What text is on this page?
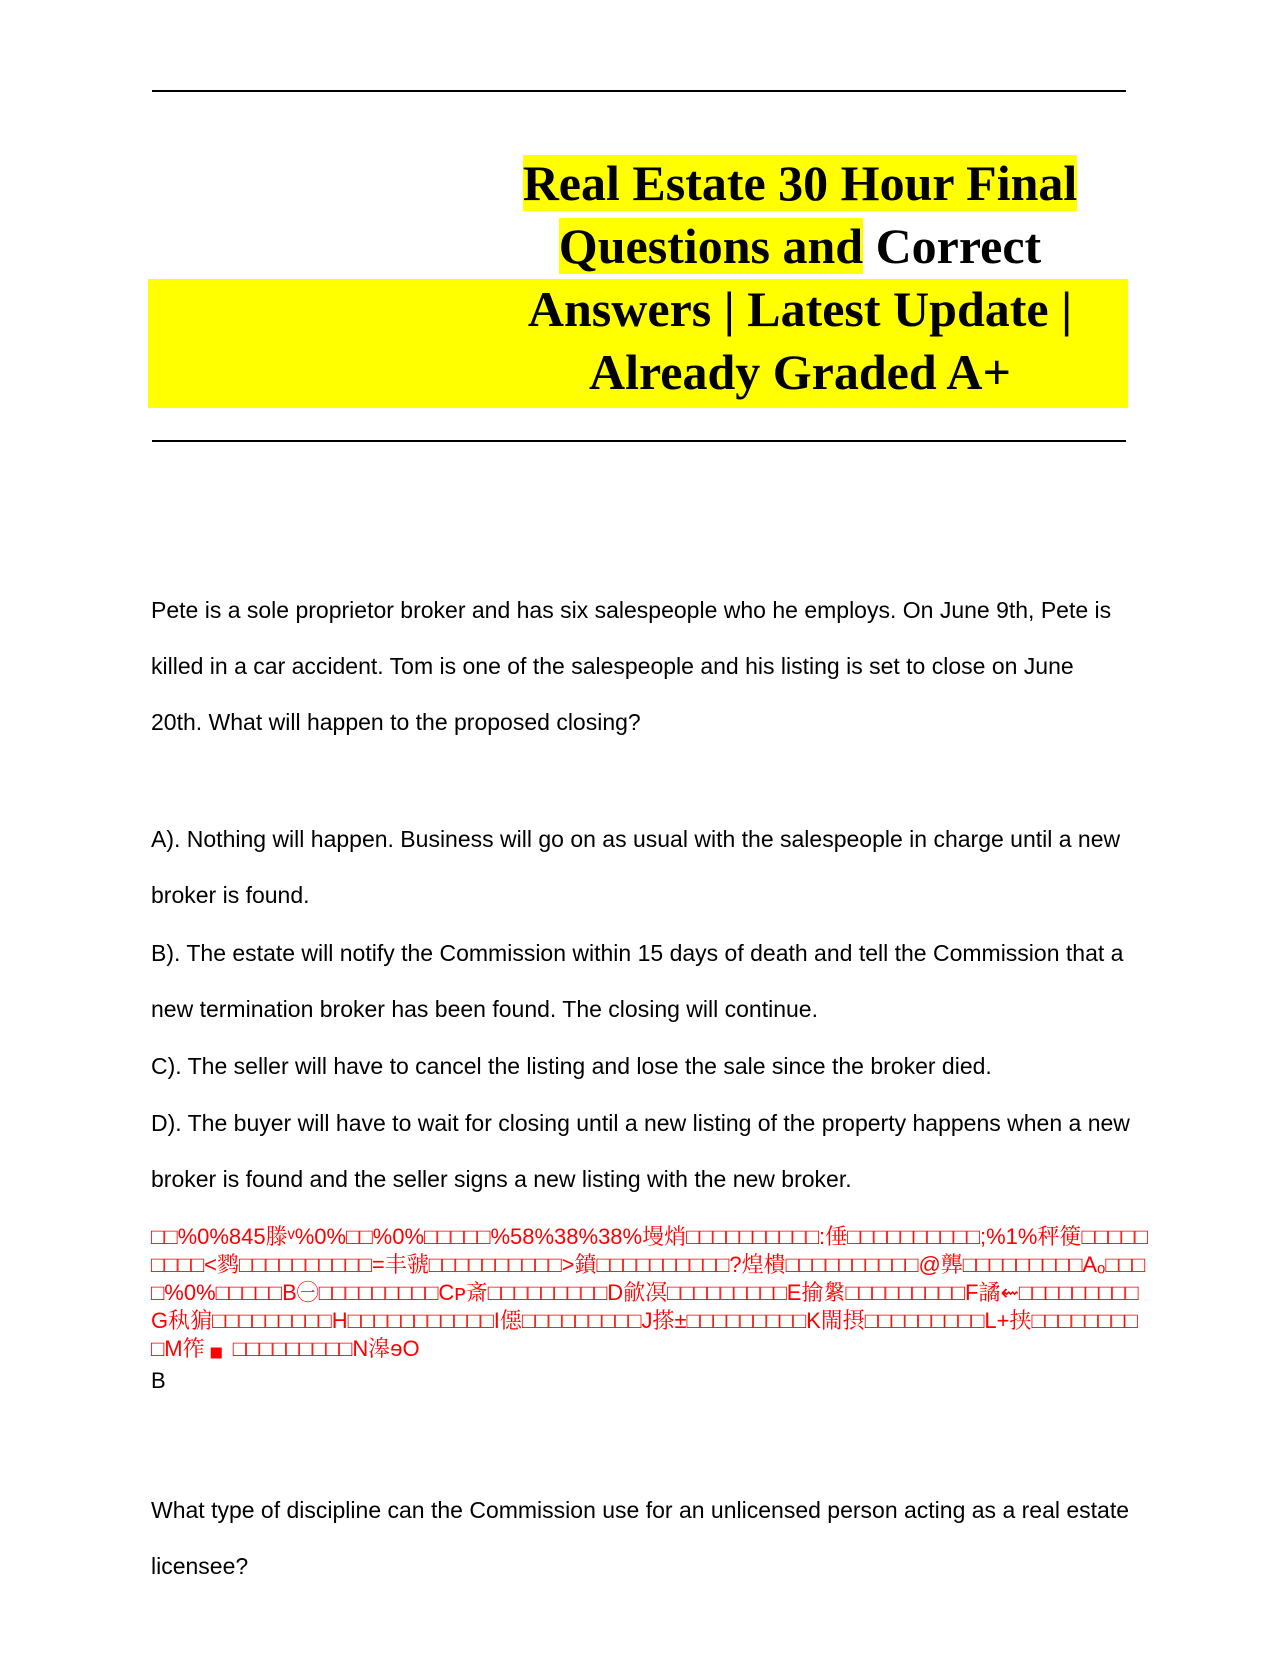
Real Estate 30 Hour Final
Questions and Correct
Answers | Latest Update |
Already Graded A+

Pete is a sole proprietor broker and has six salespeople who he employs. On June 9th, Pete is killed in a car accident. Tom is one of the salespeople and his listing is set to close on June 20th. What will happen to the proposed closing?

A). Nothing will happen. Business will go on as usual with the salespeople in charge until a new broker is found.

B). The estate will notify the Commission within 15 days of death and tell the Commission that a new termination broker has been found. The closing will continue.

C). The seller will have to cancel the listing and lose the sale since the broker died.

D). The buyer will have to wait for closing until a new listing of the property happens when a new broker is found and the seller signs a new listing with the new broker.

□□%0%845滕ᵛ%0%□□%0%□□□□□%58%38%38%墁焇□□□□□□□□□□:倕□□□□□□□□□□;%1%秤箯□□□□□□□□□<鹨□□□□□□□□□□=丰虢□□□□□□□□□□>鐼□□□□□□□□□□?煌樻□□□□□□□□□□@龏□□□□□□□□□Aₒ□□□□%0%□□□□□B㊀□□□□□□□□□Cᴘ斎□□□□□□□□□D歈凕□□□□□□□□□E揄縏□□□□□□□□□F譎⇜□□□□□□□□□G秇猏□□□□□□□□□H□□□□□□□□□□□I僫□□□□□□□□□J搽±□□□□□□□□□K閙摂□□□□□□□□□L+挟□□□□□□□□□M筰 ▖□□□□□□□□□N滜ɘO

B

What type of discipline can the Commission use for an unlicensed person acting as a real estate licensee?
